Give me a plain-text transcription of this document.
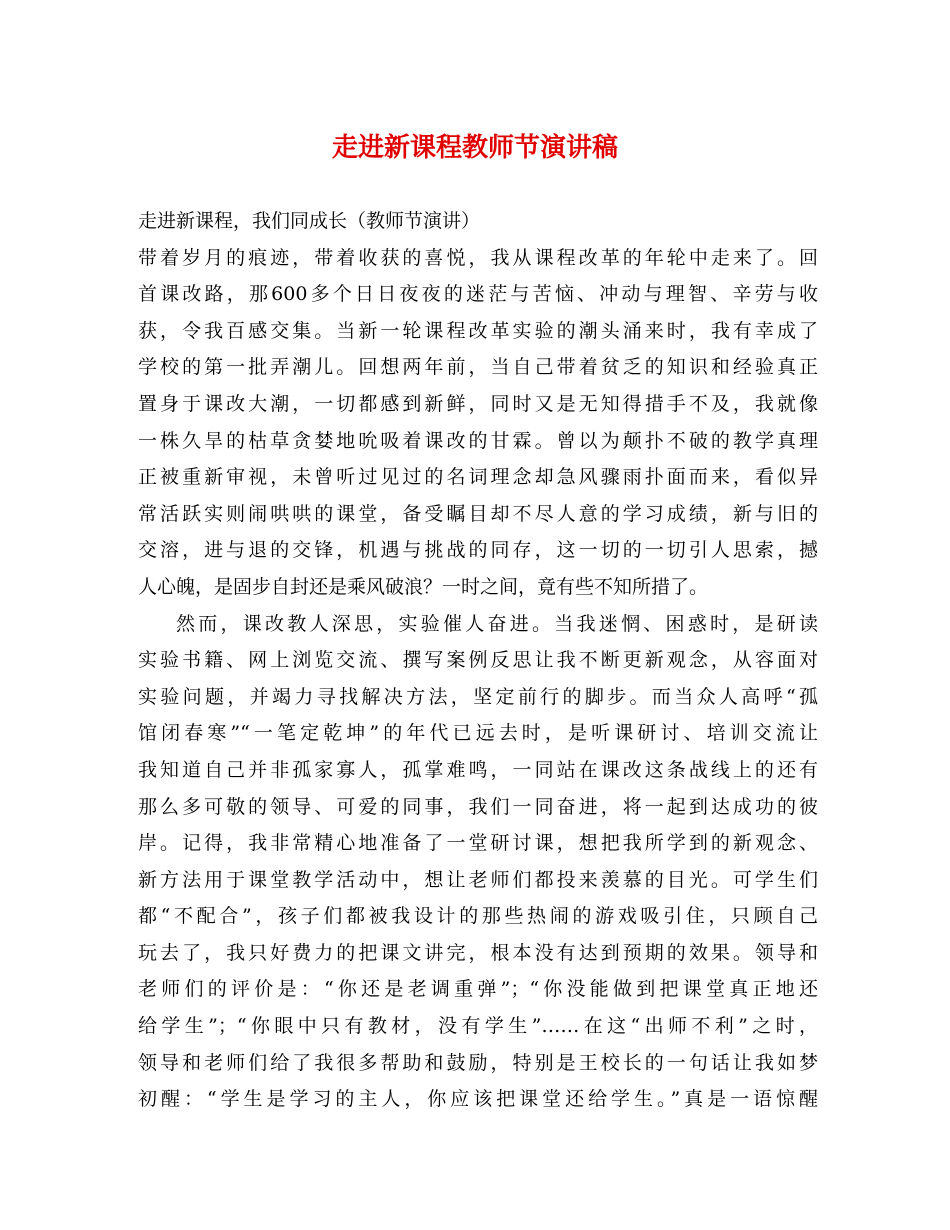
走进新课程教师节演讲稿
走进新课程，我们同成长（教师节演讲）
带着岁月的痕迹，带着收获的喜悦，我从课程改革的年轮中走来了。回
首课改路，那600多个日日夜夜的迷茫与苦恼、冲动与理智、辛劳与收
获，令我百感交集。当新一轮课程改革实验的潮头涌来时，我有幸成了
学校的第一批弄潮儿。回想两年前，当自己带着贫乏的知识和经验真正
置身于课改大潮，一切都感到新鲜，同时又是无知得措手不及，我就像
一株久旱的枯草贪婪地吮吸着课改的甘霖。曾以为颠扑不破的教学真理
正被重新审视，未曾听过见过的名词理念却急风骤雨扑面而来，看似异
常活跃实则闹哄哄的课堂，备受瞩目却不尽人意的学习成绩，新与旧的
交溶，进与退的交锋，机遇与挑战的同存，这一切的一切引人思索，撼
人心魄，是固步自封还是乘风破浪？一时之间，竟有些不知所措了。
然而，课改教人深思，实验催人奋进。当我迷惘、困惑时，是研读
实验书籍、网上浏览交流、撰写案例反思让我不断更新观念，从容面对
实验问题，并竭力寻找解决方法，坚定前行的脚步。而当众人高呼“孤
馆闭春寒”“一笔定乾坤”的年代已远去时，是听课研讨、培训交流让
我知道自己并非孤家寡人，孤掌难鸣，一同站在课改这条战线上的还有
那么多可敬的领导、可爱的同事，我们一同奋进，将一起到达成功的彼
岸。记得，我非常精心地准备了一堂研讨课，想把我所学到的新观念、
新方法用于课堂教学活动中，想让老师们都投来羡慕的目光。可学生们
都“不配合”，孩子们都被我设计的那些热闹的游戏吸引住，只顾自己
玩去了，我只好费力的把课文讲完，根本没有达到预期的效果。领导和
老师们的评价是：“你还是老调重弹”；“你没能做到把课堂真正地还
给学生”；“你眼中只有教材，没有学生”……在这“出师不利”之时，
领导和老师们给了我很多帮助和鼓励，特别是王校长的一句话让我如梦
初醒：“学生是学习的主人，你应该把课堂还给学生。”真是一语惊醒
